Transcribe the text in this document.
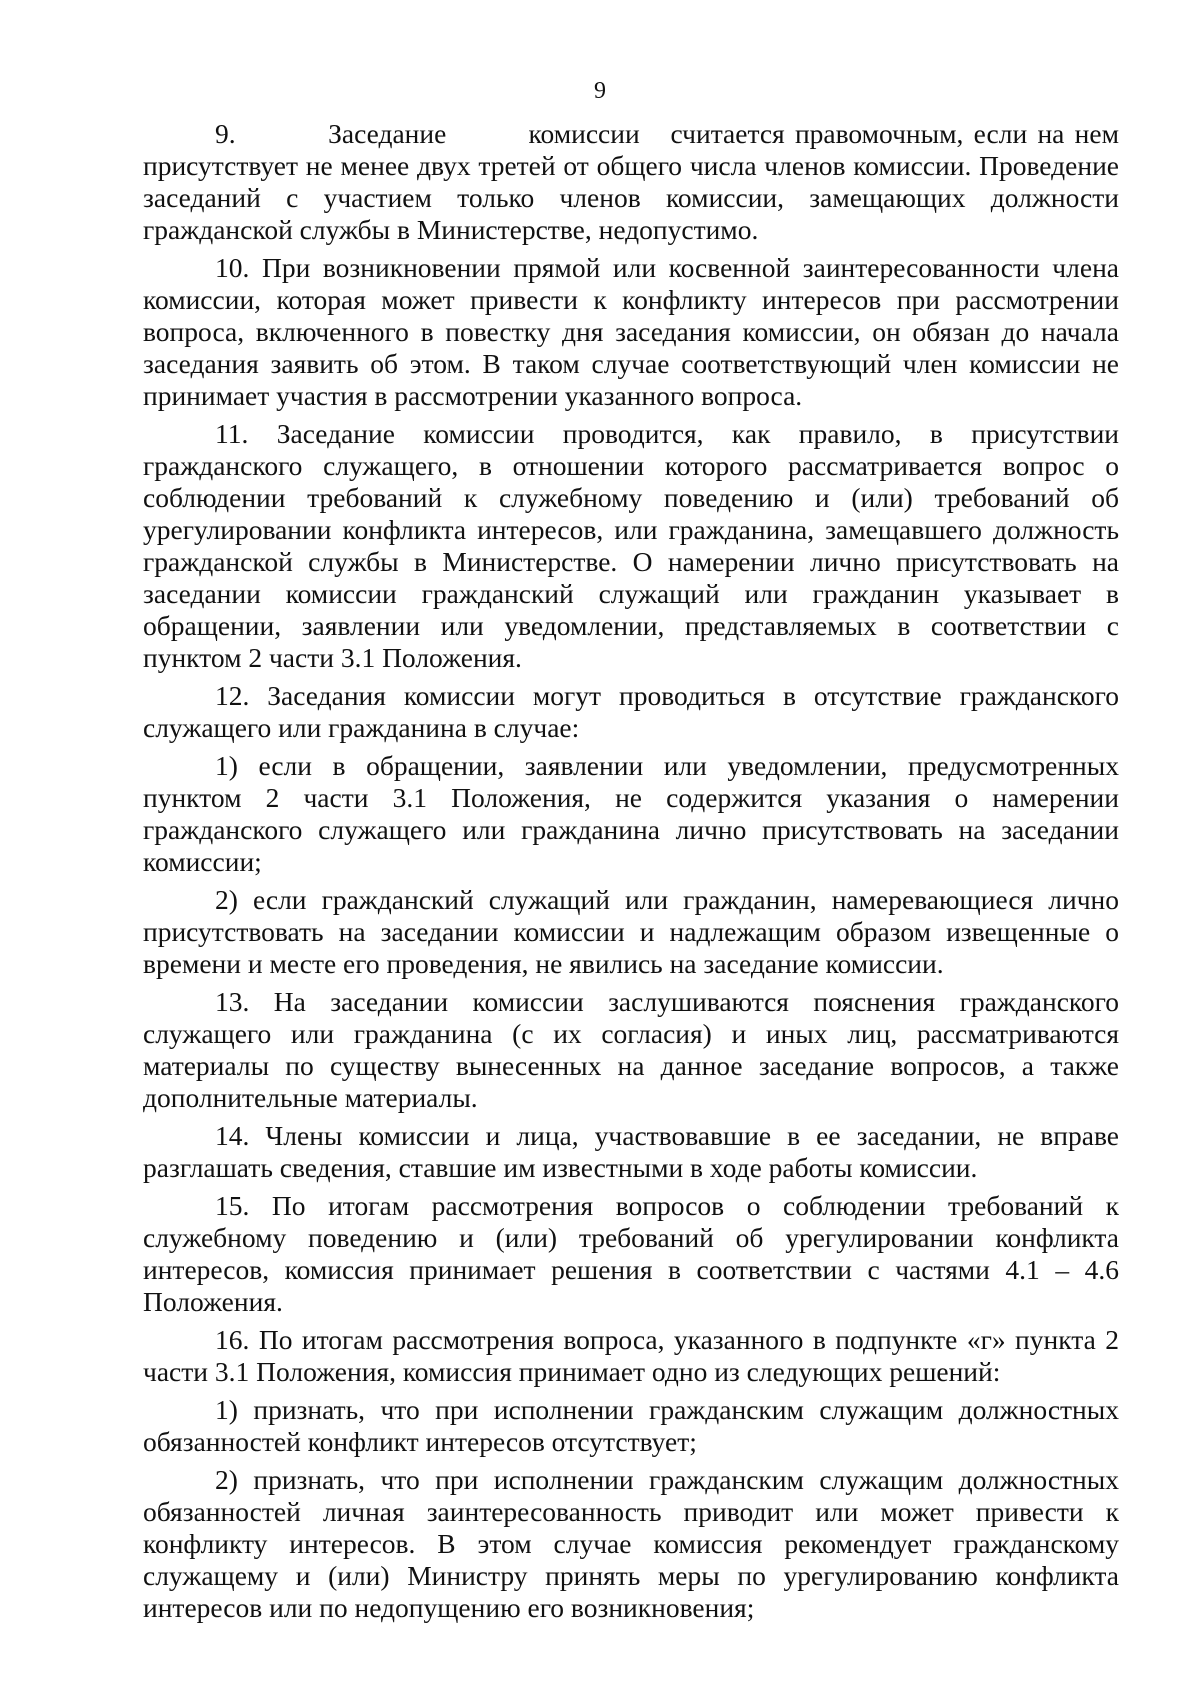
9

9.         Заседание        комиссии   считается правомочным, если на нем присутствует не менее двух третей от общего числа членов комиссии. Проведение заседаний с участием только членов комиссии, замещающих должности гражданской службы в Министерстве, недопустимо.

10. При возникновении прямой или косвенной заинтересованности члена комиссии, которая может привести к конфликту интересов при рассмотрении вопроса, включенного в повестку дня заседания комиссии, он обязан до начала заседания заявить об этом. В таком случае соответствующий член комиссии не принимает участия в рассмотрении указанного вопроса.

11. Заседание комиссии проводится, как правило, в присутствии гражданского служащего, в отношении которого рассматривается вопрос о соблюдении требований к служебному поведению и (или) требований об урегулировании конфликта интересов, или гражданина, замещавшего должность гражданской службы в Министерстве. О намерении лично присутствовать на заседании комиссии гражданский служащий или гражданин указывает в обращении, заявлении или уведомлении, представляемых в соответствии с пунктом 2 части 3.1 Положения.

12. Заседания комиссии могут проводиться в отсутствие гражданского служащего или гражданина в случае:

1) если в обращении, заявлении или уведомлении, предусмотренных пунктом 2 части 3.1 Положения, не содержится указания о намерении гражданского служащего или гражданина лично присутствовать на заседании комиссии;

2) если гражданский служащий или гражданин, намеревающиеся лично присутствовать на заседании комиссии и надлежащим образом извещенные о времени и месте его проведения, не явились на заседание комиссии.

13. На заседании комиссии заслушиваются пояснения гражданского служащего или гражданина (с их согласия) и иных лиц, рассматриваются материалы по существу вынесенных на данное заседание вопросов, а также дополнительные материалы.

14. Члены комиссии и лица, участвовавшие в ее заседании, не вправе разглашать сведения, ставшие им известными в ходе работы комиссии.

15. По итогам рассмотрения вопросов о соблюдении требований к служебному поведению и (или) требований об урегулировании конфликта интересов, комиссия принимает решения в соответствии с частями 4.1 – 4.6 Положения.

16. По итогам рассмотрения вопроса, указанного в подпункте «г» пункта 2 части 3.1 Положения, комиссия принимает одно из следующих решений:

1) признать, что при исполнении гражданским служащим должностных обязанностей конфликт интересов отсутствует;

2) признать, что при исполнении гражданским служащим должностных обязанностей личная заинтересованность приводит или может привести к конфликту интересов. В этом случае комиссия рекомендует гражданскому служащему и (или) Министру принять меры по урегулированию конфликта интересов или по недопущению его возникновения;
